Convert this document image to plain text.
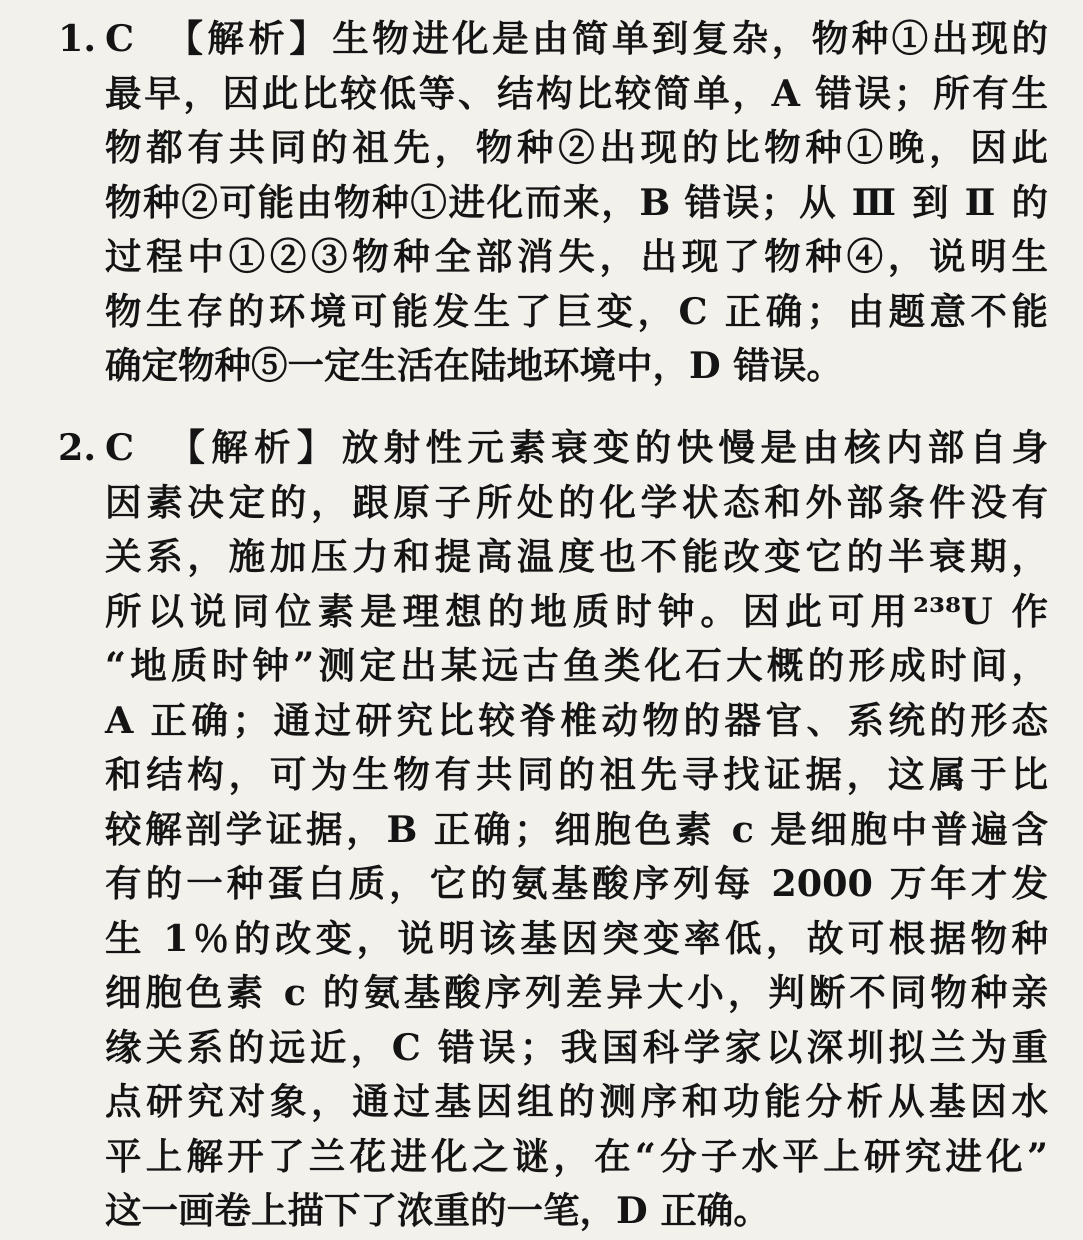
1. C 【解析】生物进化是由简单到复杂，物种①出现的
最早，因此比较低等、结构比较简单，A 错误；所有生
物都有共同的祖先，物种②出现的比物种①晚，因此
物种②可能由物种①进化而来，B 错误；从 Ⅲ 到 Ⅱ 的
过程中①②③物种全部消失，出现了物种④，说明生
物生存的环境可能发生了巨变，C 正确；由题意不能
确定物种⑤一定生活在陆地环境中，D 错误。
2. C 【解析】放射性元素衰变的快慢是由核内部自身
因素决定的，跟原子所处的化学状态和外部条件没有
关系，施加压力和提高温度也不能改变它的半衰期，
所以说同位素是理想的地质时钟。因此可用²³⁸U 作
“地质时钟”测定出某远古鱼类化石大概的形成时间，
A 正确；通过研究比较脊椎动物的器官、系统的形态
和结构，可为生物有共同的祖先寻找证据，这属于比
较解剖学证据，B 正确；细胞色素 c 是细胞中普遍含
有的一种蛋白质，它的氨基酸序列每 2000 万年才发
生 1％的改变，说明该基因突变率低，故可根据物种
细胞色素 c 的氨基酸序列差异大小，判断不同物种亲
缘关系的远近，C 错误；我国科学家以深圳拟兰为重
点研究对象，通过基因组的测序和功能分析从基因水
平上解开了兰花进化之谜，在“分子水平上研究进化”
这一画卷上描下了浓重的一笔，D 正确。
